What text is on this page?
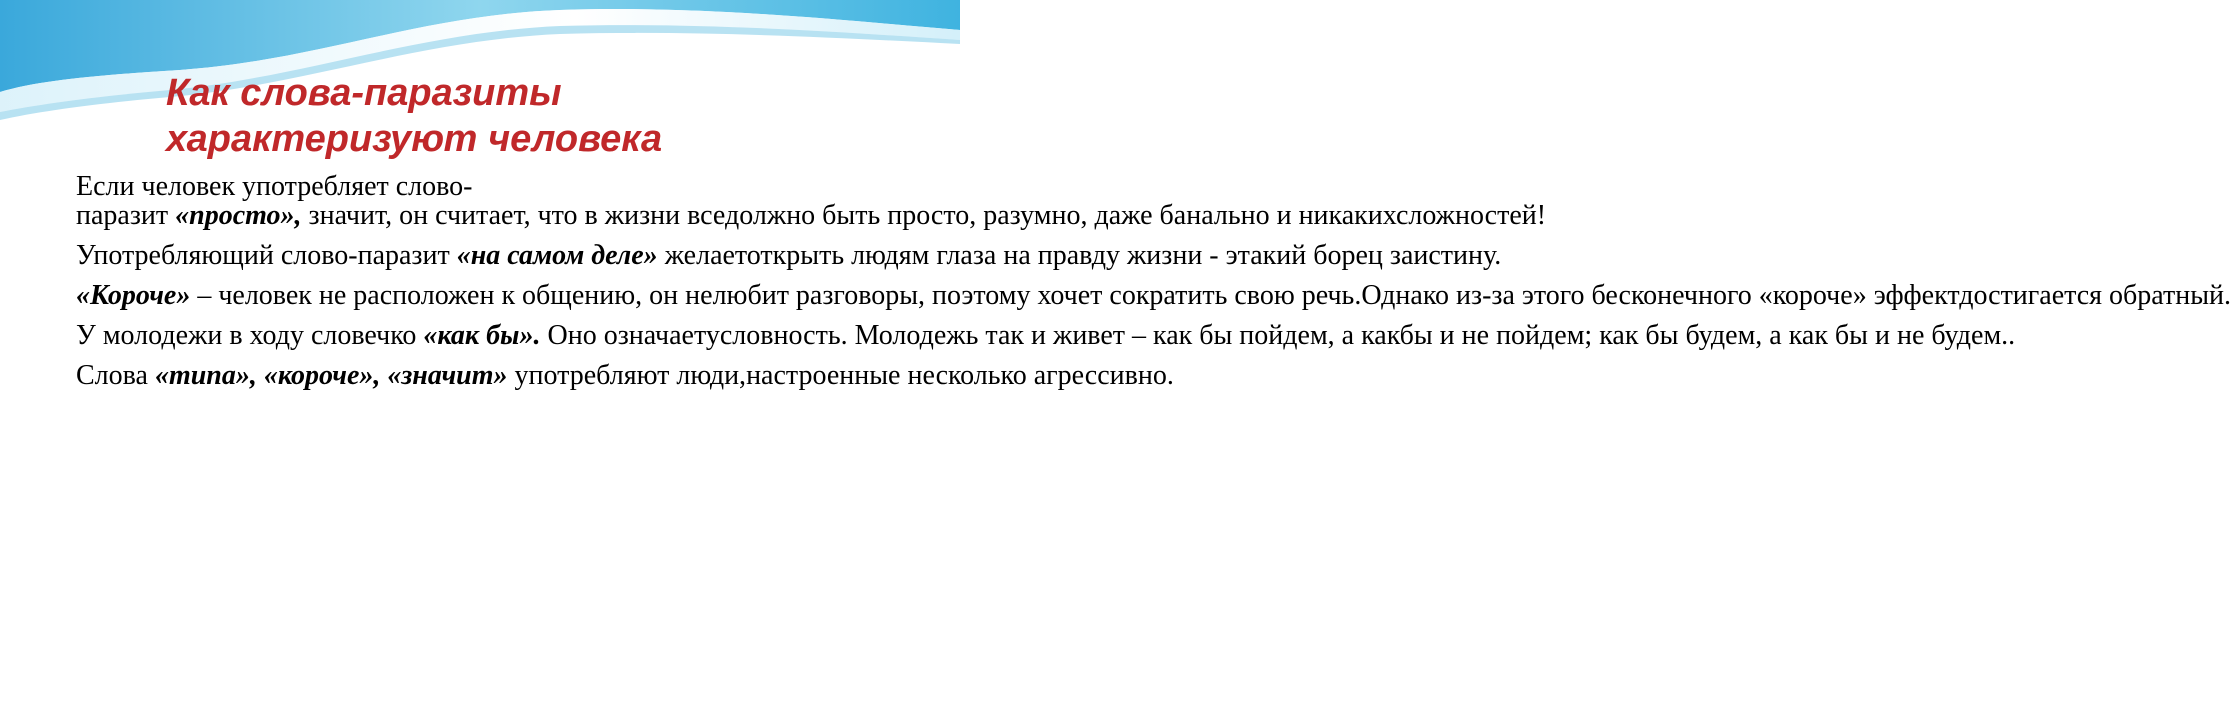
Как слова-паразиты
характеризуют человека

Если человек употребляет слово-паразит «просто», значит, он считает, что в жизни вседолжно быть просто, разумно, даже банально и никакихсложностей!

Употребляющий слово-паразит «на самом деле» желаетоткрыть людям глаза на правду жизни - этакий борец заистину.

«Короче» – человек не расположен к общению, он нелюбит разговоры, поэтому хочет сократить свою речь.Однако из-за этого бесконечного «короче» эффектдостигается обратный.

У молодежи в ходу словечко «как бы». Оно означаетусловность. Молодежь так и живет – как бы пойдем, а какбы и не пойдем; как бы будем, а как бы и не будем..

Слова «типа», «короче», «значит» употребляют люди,настроенные несколько агрессивно.
